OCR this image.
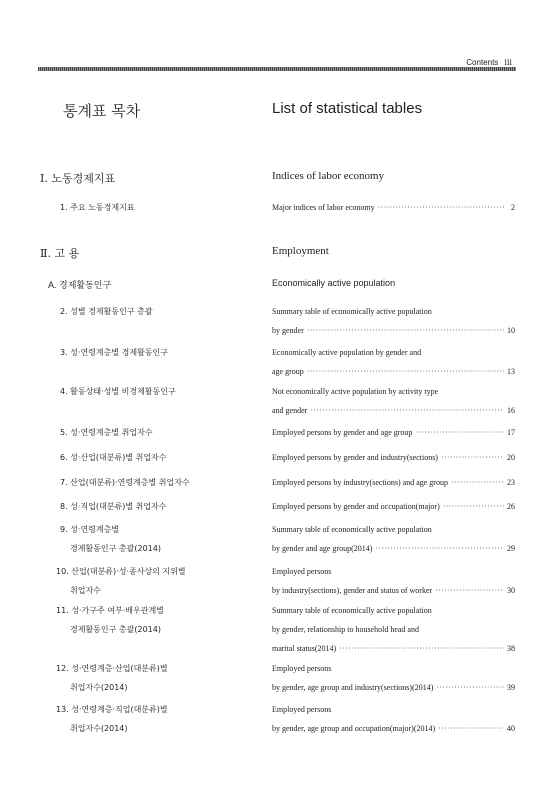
Contents iii
통계표 목차	List of statistical tables
Ⅰ. 노동경제지표	Indices of labor economy
1. 주요 노동경제지표	Major indices of labor economy ·····	2
Ⅱ. 고 용	Employment
A. 경제활동인구	Economically active population
2. 성별 경제활동인구 총괄	Summary table of economically active population
by gender ·····	10
3. 성·연령계층별 경제활동인구	Economically active population by gender and
age group ·····	13
4. 활동상태·성별 비경제활동인구	Not economically active population by activity type
and gender ·····	16
5. 성·연령계층별 취업자수	Employed persons by gender and age group ·····	17
6. 성·산업(대분류)별 취업자수	Employed persons by gender and industry(sections) ·····	20
7. 산업(대분류)·연령계층별 취업자수	Employed persons by industry(sections) and age group ·····	23
8. 성·직업(대분류)별 취업자수	Employed persons by gender and occupation(major) ·····	26
9. 성·연령계층별
경제활동인구 총괄(2014)
Summary table of economically active population
by gender and age group(2014) ·····	29
10. 산업(대분류)·성·종사상의 지위별
취업자수
Employed persons
by industry(sections), gender and status of worker ·····	30
11. 성·가구주 여부·배우관계별
경제활동인구 총괄(2014)
Summary table of economically active population
by gender, relationship to household head and
marital status(2014) ·····	38
12. 성·연령계층·산업(대분류)별
취업자수(2014)
Employed persons
by gender, age group and industry(sections)(2014) ·····	39
13. 성·연령계층·직업(대분류)별
취업자수(2014)
Employed persons
by gender, age group and occupation(major)(2014) ·····	40
